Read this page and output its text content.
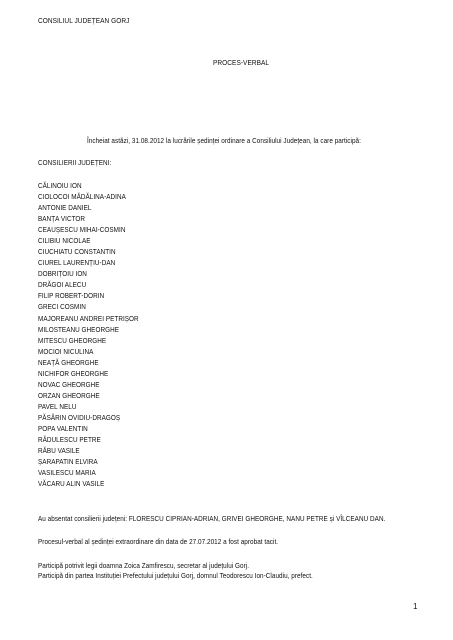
CONSILIUL JUDEȚEAN GORJ
PROCES-VERBAL
Încheiat astăzi, 31.08.2012 la lucrările ședinței ordinare a Consiliului Județean, la care participă:
CONSILIERII JUDEȚENI:
CĂLINOIU ION
CIOLOCOI MĂDĂLINA-ADINA
ANTONIE DANIEL
BANȚA VICTOR
CEAUȘESCU MIHAI-COSMIN
CILIBIU NICOLAE
CIUCHIATU CONSTANTIN
CIUREL LAURENȚIU-DAN
DOBRIȚOIU ION
DRĂGOI ALECU
FILIP ROBERT-DORIN
GRECI COSMIN
MAJOREANU ANDREI PETRIȘOR
MILOSTEANU GHEORGHE
MITESCU GHEORGHE
MOCIOI NICULINA
NEAȚĂ GHEORGHE
NICHIFOR GHEORGHE
NOVAC GHEORGHE
ORZAN GHEORGHE
PAVEL NELU
PĂSĂRIN OVIDIU-DRAGOȘ
POPA VALENTIN
RĂDULESCU PETRE
RĂBU VASILE
ȘARAPATIN ELVIRA
VASILESCU MARIA
VĂCARU ALIN VASILE
Au absentat consilierii județeni: FLORESCU CIPRIAN-ADRIAN, GRIVEI GHEORGHE, NANU PETRE și VÎLCEANU DAN.
Procesul-verbal al ședinței extraordinare din data de 27.07.2012 a fost aprobat tacit.
Participă potrivit legii doamna Zoica Zamfirescu, secretar al județului Gorj.
Participă din partea Instituției Prefectului județului Gorj, domnul Teodorescu Ion-Claudiu, prefect.
1
